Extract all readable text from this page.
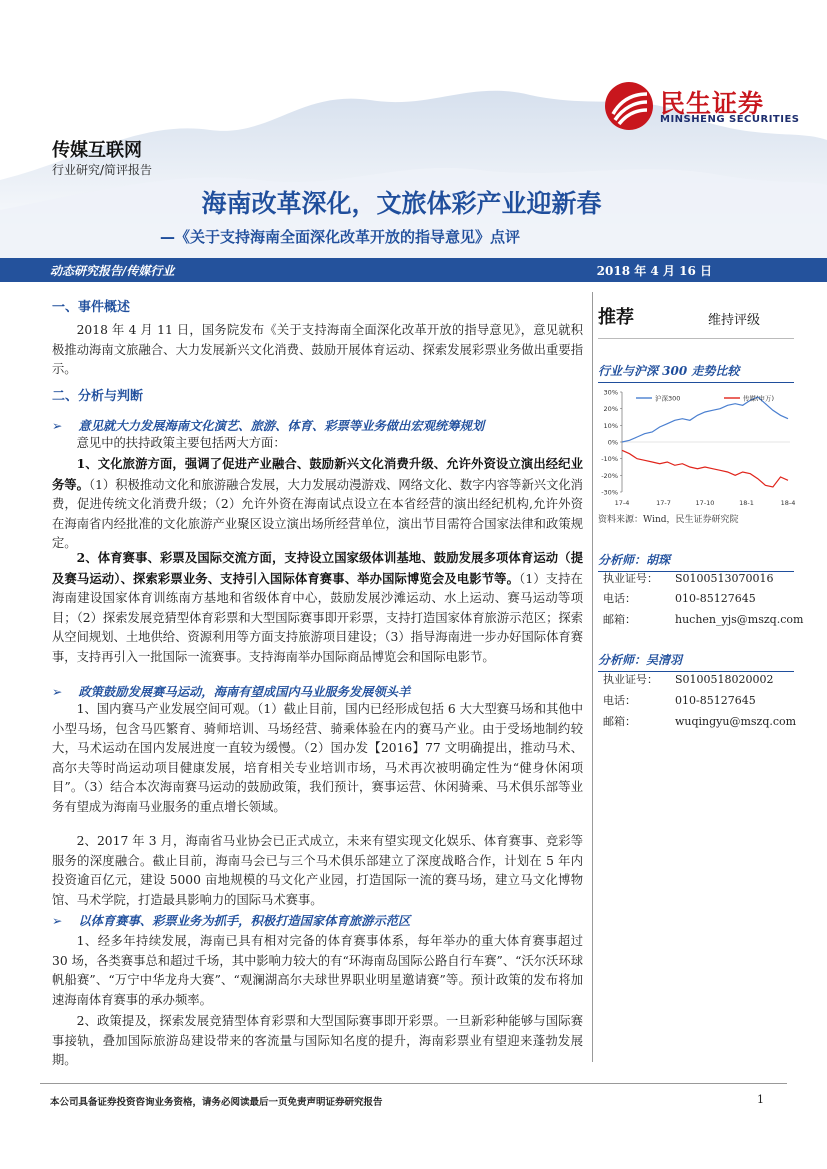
民生证券
MINSHENG SECURITIES
传媒互联网
行业研究/简评报告
海南改革深化，文旅体彩产业迎新春
—《关于支持海南全面深化改革开放的指导意见》点评
动态研究报告/传媒行业	2018 年 4 月 16 日
一、事件概述
2018 年 4 月 11 日，国务院发布《关于支持海南全面深化改革开放的指导意见》，意见就积极推动海南文旅融合、大力发展新兴文化消费、鼓励开展体育运动、探索发展彩票业务做出重要指示。
二、分析与判断
➢ 意见就大力发展海南文化演艺、旅游、体育、彩票等业务做出宏观统筹规划
意见中的扶持政策主要包括两大方面：
1、文化旅游方面，强调了促进产业融合、鼓励新兴文化消费升级、允许外资设立演出经纪业务等。（1）积极推动文化和旅游融合发展，大力发展动漫游戏、网络文化、数字内容等新兴文化消费，促进传统文化消费升级；（2）允许外资在海南试点设立在本省经营的演出经纪机构,允许外资在海南省内经批准的文化旅游产业聚区设立演出场所经营单位，演出节目需符合国家法律和政策规定。
2、体育赛事、彩票及国际交流方面，支持设立国家级体训基地、鼓励发展多项体育运动（提及赛马运动）、探索彩票业务、支持引入国际体育赛事、举办国际博览会及电影节等。（1）支持在海南建设国家体育训练南方基地和省级体育中心，鼓励发展沙滩运动、水上运动、赛马运动等项目；（2）探索发展竞猜型体育彩票和大型国际赛事即开彩票，支持打造国家体育旅游示范区；探索从空间规划、土地供给、资源利用等方面支持旅游项目建设；（3）指导海南进一步办好国际体育赛事，支持再引入一批国际一流赛事。支持海南举办国际商品博览会和国际电影节。
➢ 政策鼓励发展赛马运动，海南有望成国内马业服务发展领头羊
1、国内赛马产业发展空间可观。（1）截止目前，国内已经形成包括 6 大大型赛马场和其他中小型马场，包含马匹繁育、骑师培训、马场经营、骑乘体验在内的赛马产业。由于受场地制约较大，马术运动在国内发展进度一直较为缓慢。（2）国办发【2016】77 文明确提出，推动马术、高尔夫等时尚运动项目健康发展，培育相关专业培训市场，马术再次被明确定性为“健身休闲项目”。（3）结合本次海南赛马运动的鼓励政策，我们预计，赛事运营、休闲骑乘、马术俱乐部等业务有望成为海南马业服务的重点增长领域。
2、2017 年 3 月，海南省马业协会已正式成立，未来有望实现文化娱乐、体育赛事、竞彩等服务的深度融合。截止目前，海南马会已与三个马术俱乐部建立了深度战略合作，计划在 5 年内投资逾百亿元，建设 5000 亩地规模的马文化产业园，打造国际一流的赛马场，建立马文化博物馆、马术学院，打造最具影响力的国际马术赛事。
➢ 以体育赛事、彩票业务为抓手，积极打造国家体育旅游示范区
1、经多年持续发展，海南已具有相对完备的体育赛事体系，每年举办的重大体育赛事超过 30 场，各类赛事总和超过千场，其中影响力较大的有“环海南岛国际公路自行车赛”、“沃尔沃环球帆船赛”、“万宁中华龙舟大赛”、“观澜湖高尔夫球世界职业明星邀请赛”等。预计政策的发布将加速海南体育赛事的承办频率。
2、政策提及，探索发展竞猜型体育彩票和大型国际赛事即开彩票。一旦新彩种能够与国际赛事接轨，叠加国际旅游岛建设带来的客流量与国际知名度的提升，海南彩票业有望迎来蓬勃发展期。
推荐	维持评级
行业与沪深 300 走势比较
30%
20%
10%
0%
-10%
-20%
-30%
17-4	17-7	17-10	18-1	18-4
沪深300	传媒(申万)
资料来源：Wind，民生证券研究院
分析师：胡琛
执业证号： S0100513070016
电话：	010-85127645
邮箱：	huchen_yjs@mszq.com
分析师：吴清羽
执业证号： S0100518020002
电话：	010-85127645
邮箱：	wuqingyu@mszq.com
本公司具备证券投资咨询业务资格，请务必阅读最后一页免责声明证券研究报告	1
